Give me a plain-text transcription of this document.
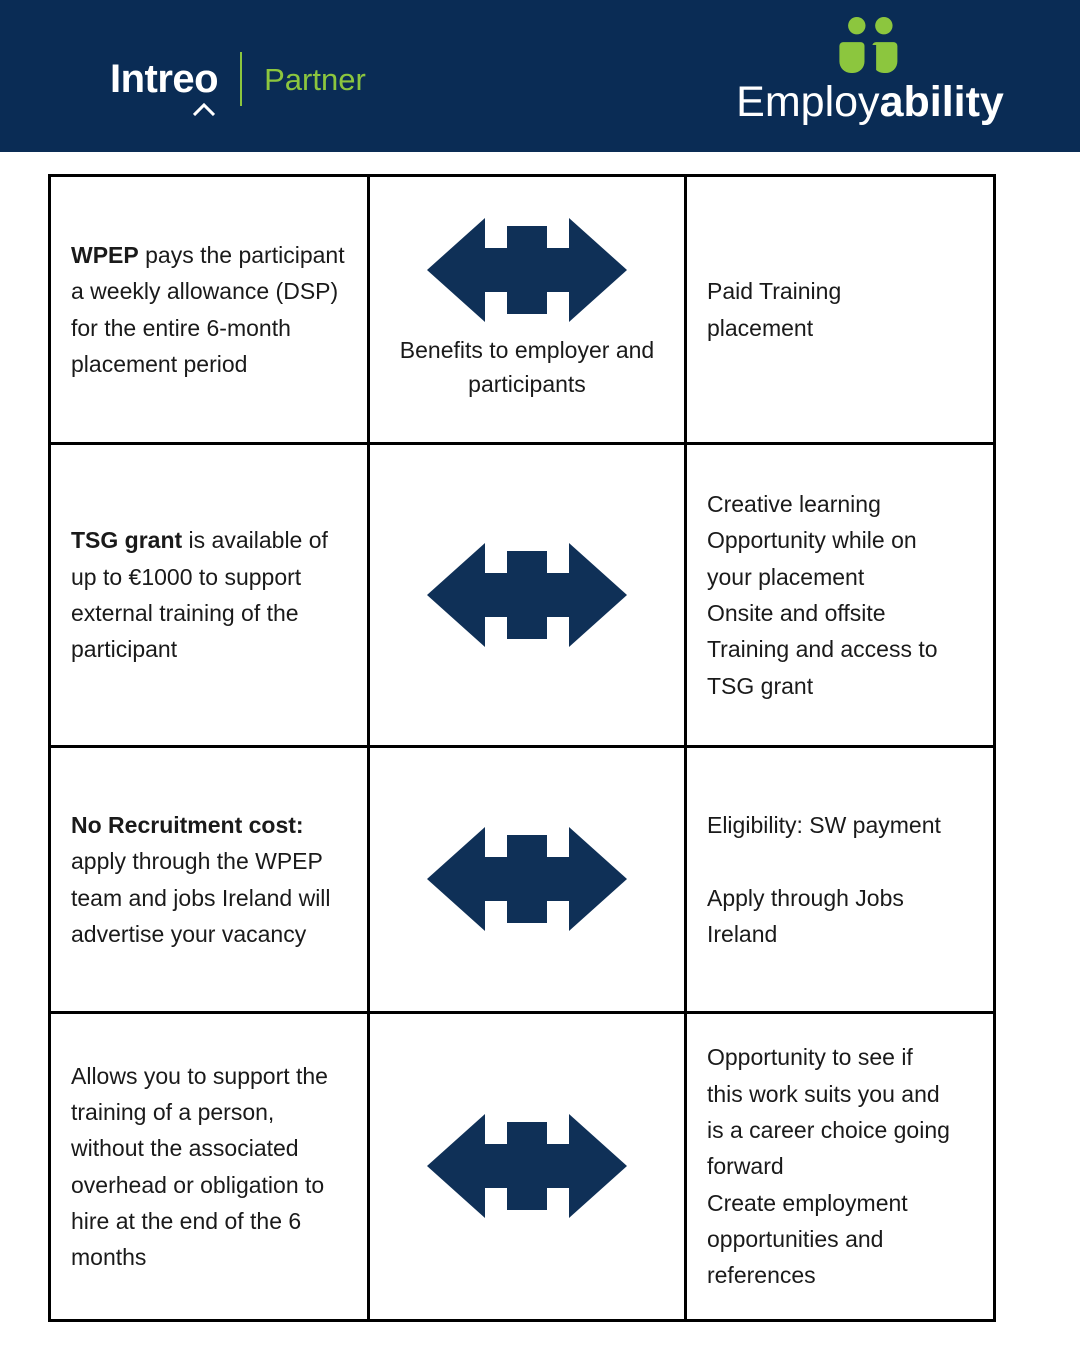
Intreo Partner	Employability
WPEP pays the participant a weekly allowance (DSP) for the entire 6-month placement period
Benefits to employer and participants
Paid Training
placement
TSG grant is available of up to €1000 to support external training of the participant
Creative learning
Opportunity while on
your placement
Onsite and offsite
Training and access to
TSG grant
No Recruitment cost: apply through the WPEP team and jobs Ireland will advertise your vacancy
Eligibility: SW payment

Apply through Jobs
Ireland
Allows you to support the training of a person, without the associated overhead or obligation to hire at the end of the 6 months
Opportunity to see if
this work suits you and
is a career choice going
forward
Create employment
opportunities and
references
